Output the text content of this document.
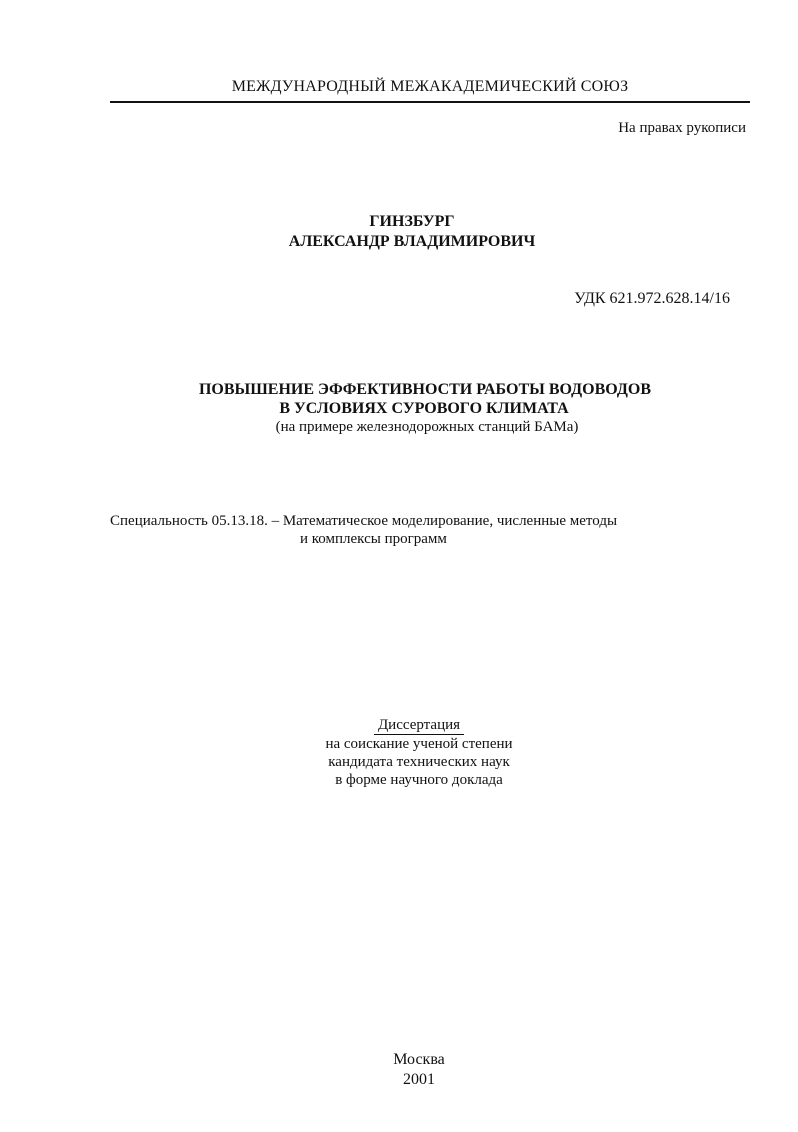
МЕЖДУНАРОДНЫЙ МЕЖАКАДЕМИЧЕСКИЙ СОЮЗ
На правах рукописи
ГИНЗБУРГ
АЛЕКСАНДР ВЛАДИМИРОВИЧ
УДК 621.972.628.14/16
ПОВЫШЕНИЕ ЭФФЕКТИВНОСТИ РАБОТЫ ВОДОВОДОВ
В УСЛОВИЯХ СУРОВОГО КЛИМАТА
(на примере железнодорожных станций БАМа)
Специальность 05.13.18. – Математическое моделирование, численные методы
и комплексы программ
Диссертация
на соискание ученой степени
кандидата технических наук
в форме научного доклада
Москва
2001
